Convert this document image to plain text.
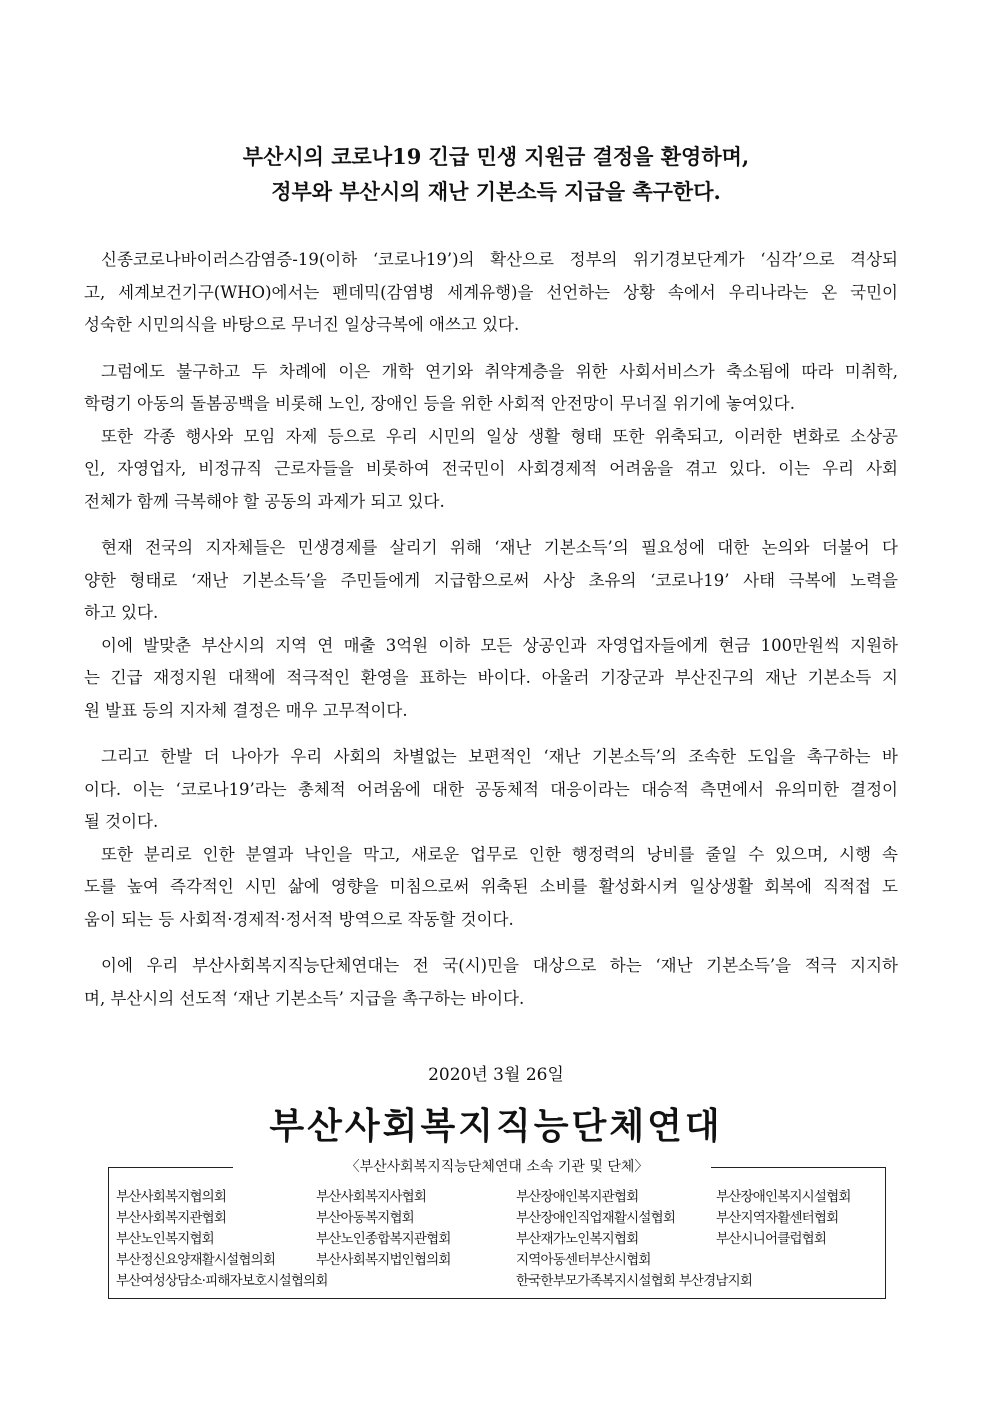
부산시의 코로나19 긴급 민생 지원금 결정을 환영하며,
정부와 부산시의 재난 기본소득 지급을 촉구한다.
신종코로나바이러스감염증-19(이하 ‘코로나19’)의 확산으로 정부의 위기경보단계가 ‘심각’으로 격상되
고, 세계보건기구(WHO)에서는 펜데믹(감염병 세계유행)을 선언하는 상황 속에서 우리나라는 온 국민이
성숙한 시민의식을 바탕으로 무너진 일상극복에 애쓰고 있다.
그럼에도 불구하고 두 차례에 이은 개학 연기와 취약계층을 위한 사회서비스가 축소됨에 따라 미취학,
학령기 아동의 돌봄공백을 비롯해 노인, 장애인 등을 위한 사회적 안전망이 무너질 위기에 놓여있다.
또한 각종 행사와 모임 자제 등으로 우리 시민의 일상 생활 형태 또한 위축되고, 이러한 변화로 소상공
인, 자영업자, 비정규직 근로자들을 비롯하여 전국민이 사회경제적 어려움을 겪고 있다. 이는 우리 사회
전체가 함께 극복해야 할 공동의 과제가 되고 있다.
현재 전국의 지자체들은 민생경제를 살리기 위해 ‘재난 기본소득’의 필요성에 대한 논의와 더불어 다
양한 형태로 ‘재난 기본소득’을 주민들에게 지급함으로써 사상 초유의 ‘코로나19’ 사태 극복에 노력을
하고 있다.
이에 발맞춘 부산시의 지역 연 매출 3억원 이하 모든 상공인과 자영업자들에게 현금 100만원씩 지원하
는 긴급 재정지원 대책에 적극적인 환영을 표하는 바이다. 아울러 기장군과 부산진구의 재난 기본소득 지
원 발표 등의 지자체 결정은 매우 고무적이다.
그리고 한발 더 나아가 우리 사회의 차별없는 보편적인 ‘재난 기본소득’의 조속한 도입을 촉구하는 바
이다. 이는 ‘코로나19’라는 총체적 어려움에 대한 공동체적 대응이라는 대승적 측면에서 유의미한 결정이
될 것이다.
또한 분리로 인한 분열과 낙인을 막고, 새로운 업무로 인한 행정력의 낭비를 줄일 수 있으며, 시행 속
도를 높여 즉각적인 시민 삶에 영향을 미침으로써 위축된 소비를 활성화시켜 일상생활 회복에 직적접 도
움이 되는 등 사회적·경제적·정서적 방역으로 작동할 것이다.
이에 우리 부산사회복지직능단체연대는 전 국(시)민을 대상으로 하는 ‘재난 기본소득’을 적극 지지하
며, 부산시의 선도적 ‘재난 기본소득’ 지급을 촉구하는 바이다.
2020년 3월 26일
부산사회복지직능단체연대
〈부산사회복지직능단체연대 소속 기관 및 단체〉
부산사회복지협의회
부산사회복지관협회
부산노인복지협회
부산정신요양재활시설협의회
부산여성상담소·피해자보호시설협의회
부산사회복지사협회
부산아동복지협회
부산노인종합복지관협회
부산사회복지법인협의회
부산장애인복지관협회
부산장애인직업재활시설협회
부산재가노인복지협회
지역아동센터부산시협회
한국한부모가족복지시설협회 부산경남지회
부산장애인복지시설협회
부산지역자활센터협회
부산시니어클럽협회
